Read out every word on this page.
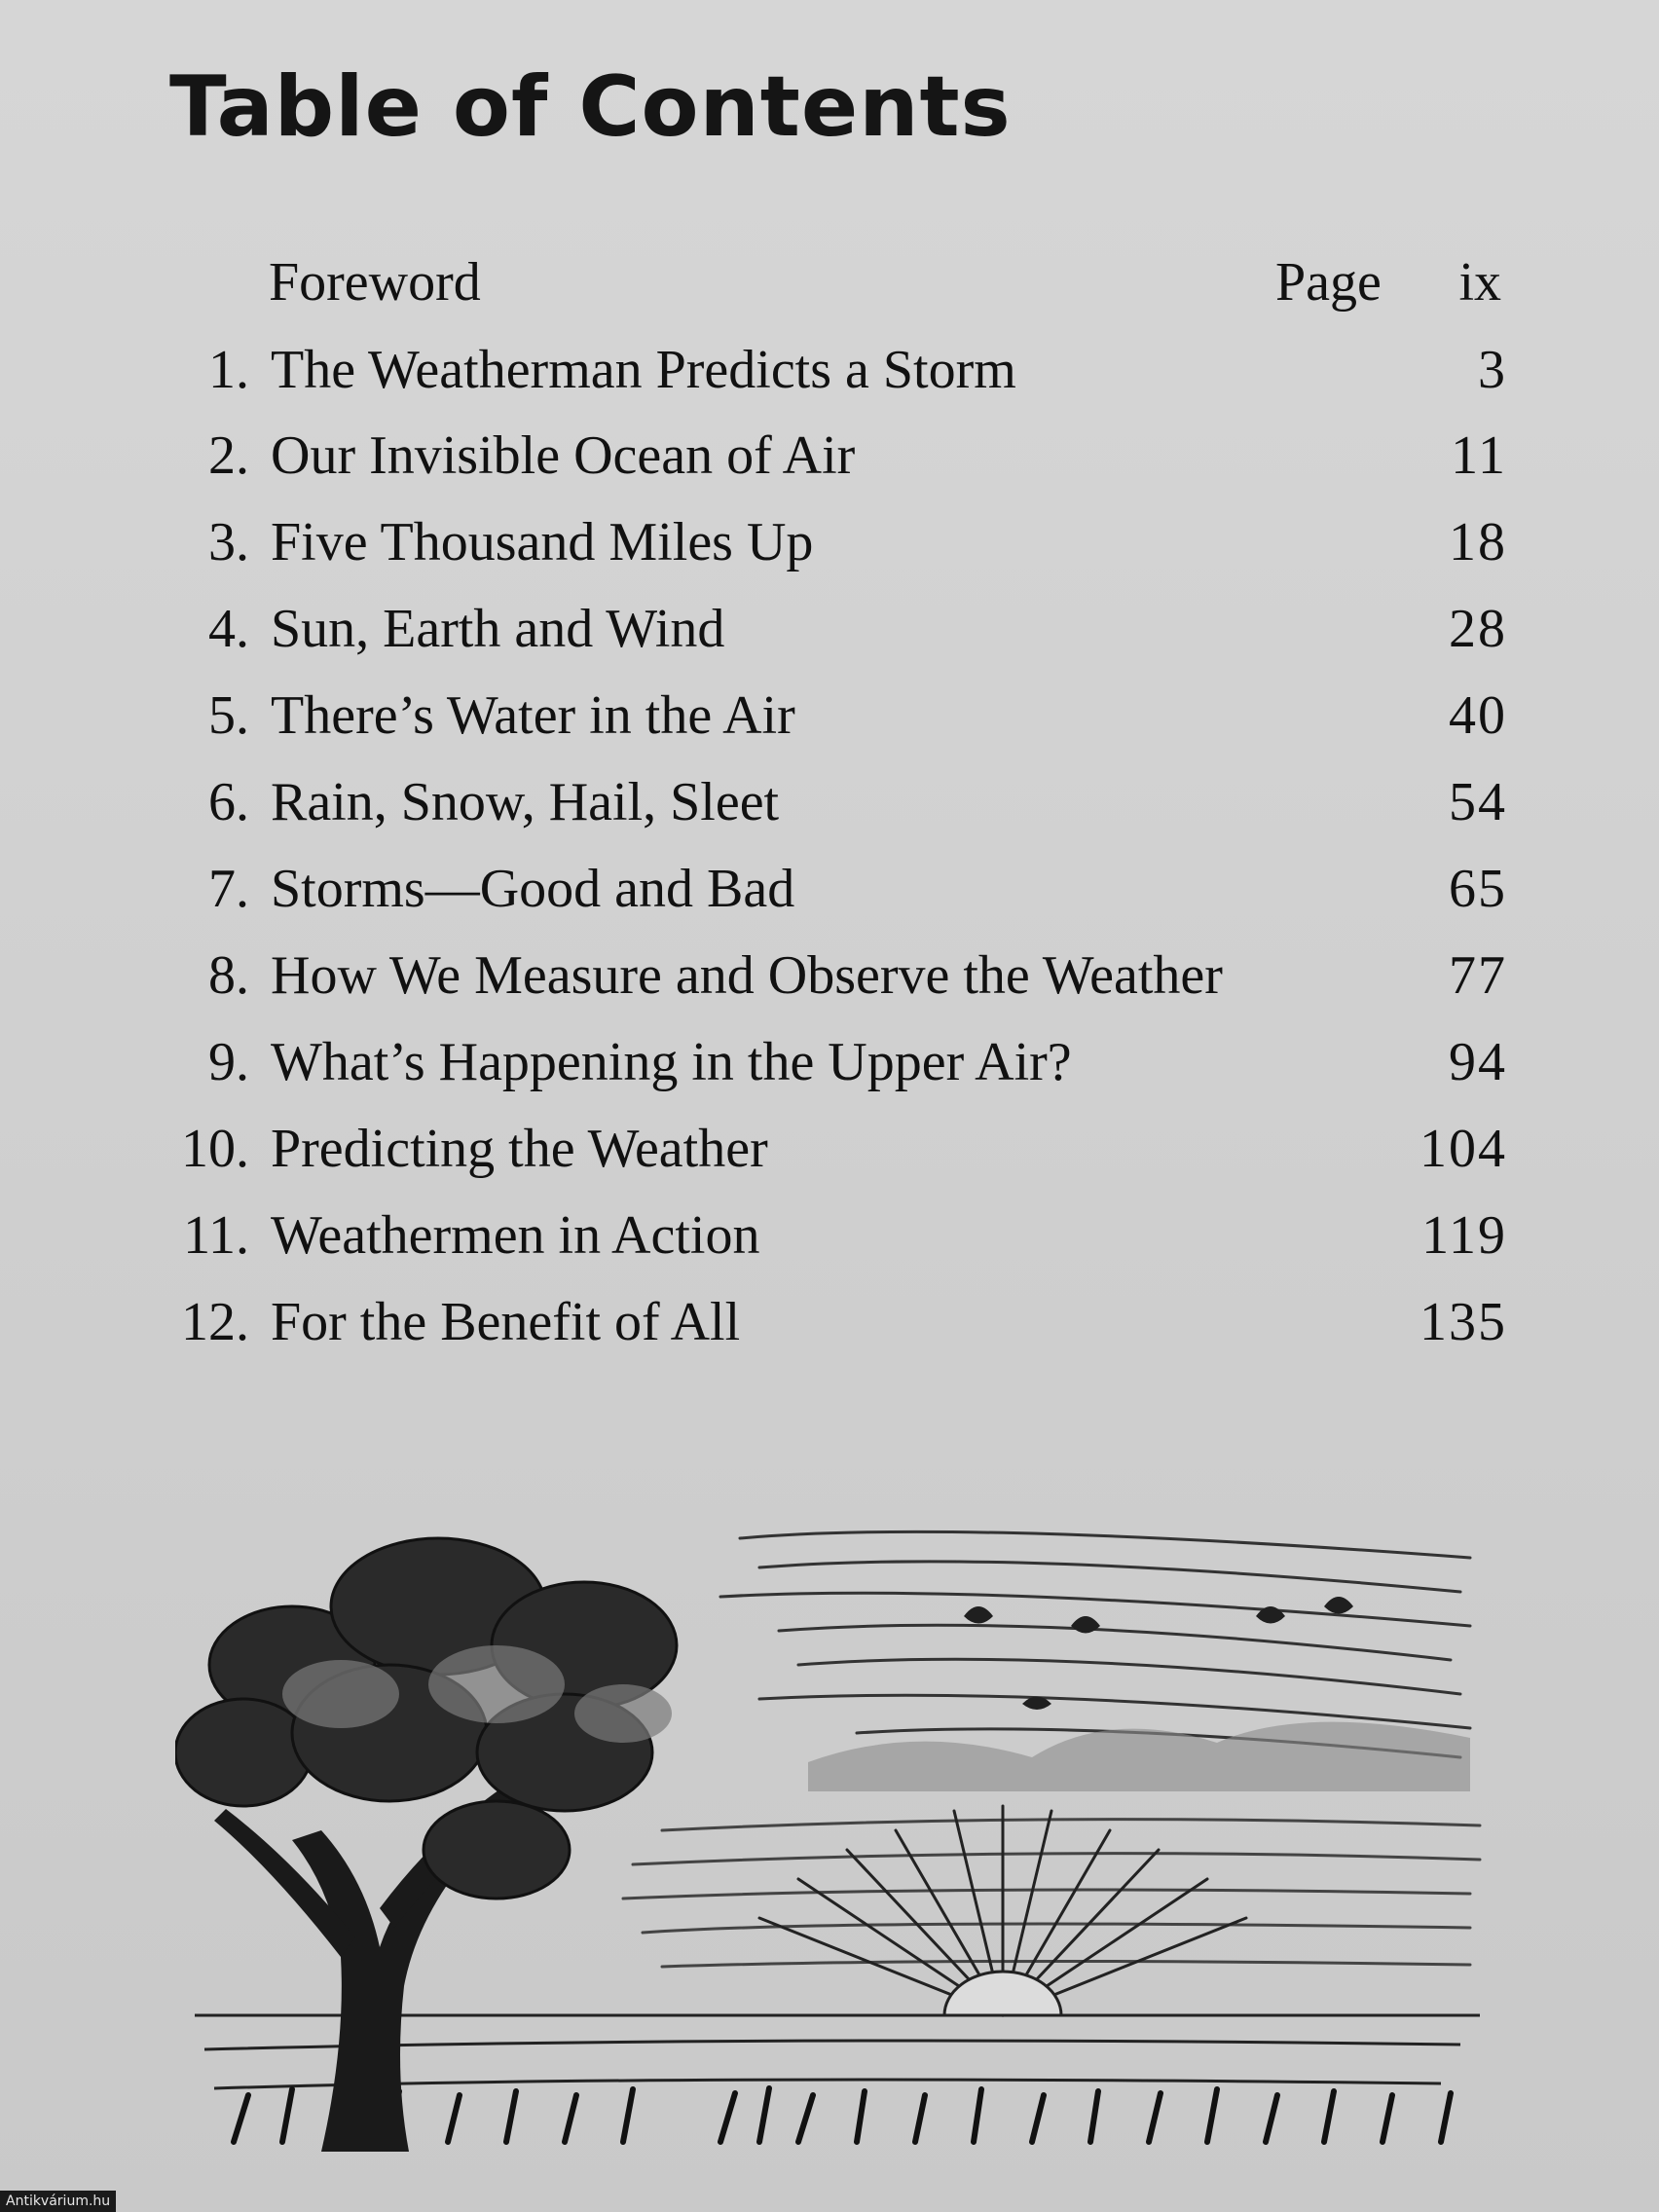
Table of Contents
Foreword	Page ix
1. The Weatherman Predicts a Storm	3
2. Our Invisible Ocean of Air	11
3. Five Thousand Miles Up	18
4. Sun, Earth and Wind	28
5. There’s Water in the Air	40
6. Rain, Snow, Hail, Sleet	54
7. Storms—Good and Bad	65
8. How We Measure and Observe the Weather	77
9. What’s Happening in the Upper Air?	94
10. Predicting the Weather	104
11. Weathermen in Action	119
12. For the Benefit of All	135
Antikvárium.hu
